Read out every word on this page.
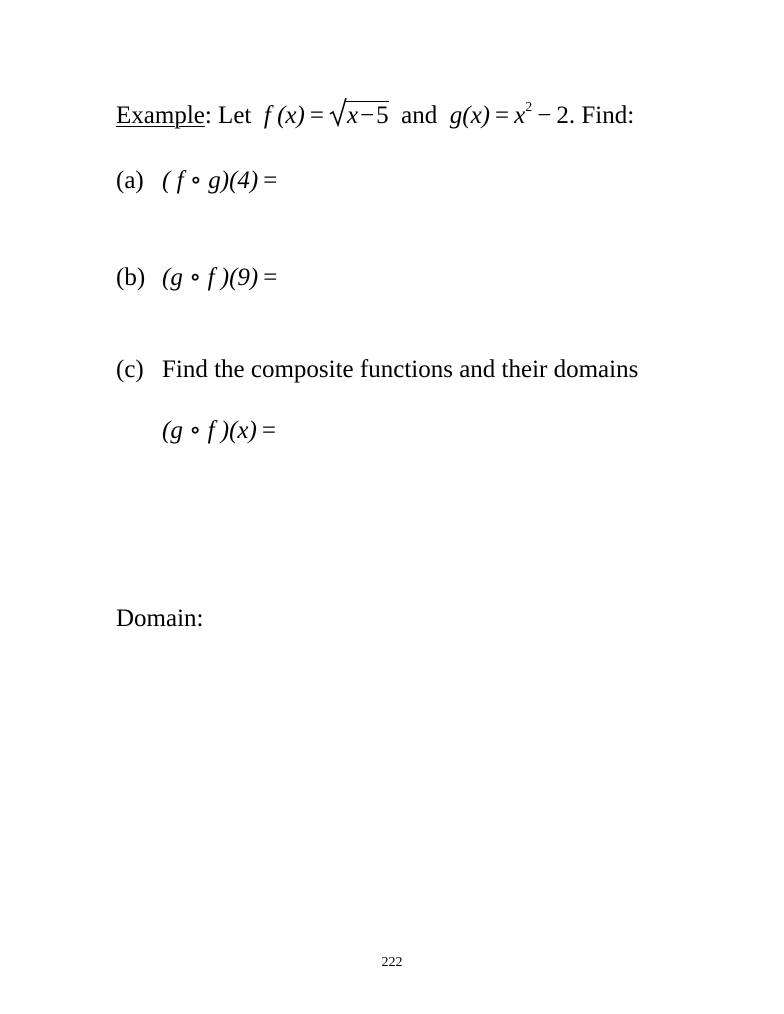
Example: Let f (x) = x−5 and $g(x) = x^2 - 2$. Find:
(a) ( f ∘ g)(4) =
(b) (g ∘ f )(9) =
(c) Find the composite functions and their domains
(g ∘ f )(x) =
Domain:
222
